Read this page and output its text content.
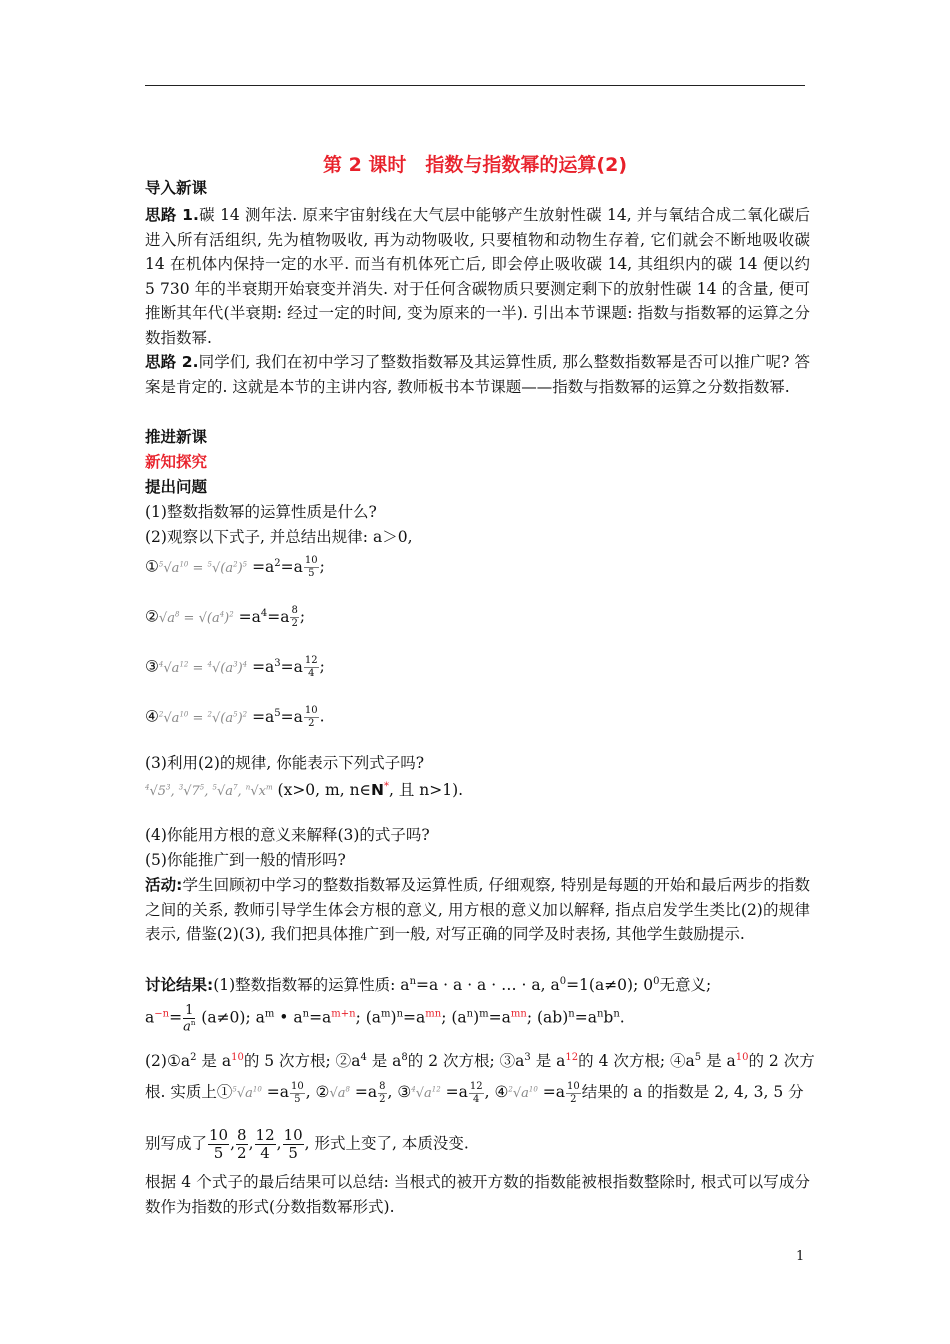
第 2 课时　指数与指数幂的运算(2)
导入新课
思路 1.碳 14 测年法. 原来宇宙射线在大气层中能够产生放射性碳 14, 并与氧结合成二氧化碳后进入所有活组织, 先为植物吸收, 再为动物吸收, 只要植物和动物生存着, 它们就会不断地吸收碳 14 在机体内保持一定的水平. 而当有机体死亡后, 即会停止吸收碳 14, 其组织内的碳 14 便以约 5 730 年的半衰期开始衰变并消失. 对于任何含碳物质只要测定剩下的放射性碳 14 的含量, 便可推断其年代(半衰期: 经过一定的时间, 变为原来的一半). 引出本节课题: 指数与指数幂的运算之分数指数幂.
思路 2.同学们, 我们在初中学习了整数指数幂及其运算性质, 那么整数指数幂是否可以推广呢? 答案是肯定的. 这就是本节的主讲内容, 教师板书本节课题——指数与指数幂的运算之分数指数幂.
推进新课
新知探究
提出问题
(1)整数指数幂的运算性质是什么?
(2)观察以下式子, 并总结出规律: a＞0,
$①^5√a^{10} = ^5√(a^2)^5 =a^2=a \frac{10}{5}$ ;
$②√a^8 = √(a^4)^2 =a^4=a \frac{8}{2}$ ;
$③^4√a^{12} = ^4√(a^3)^4 =a^3=a \frac{12}{4}$ ;
$④^2√a^{10} = ^2√(a^5)^2 =a^5=a \frac{10}{2}$ .
(3)利用(2)的规律, 你能表示下列式子吗?
$^4√5^3$, $^3√7^5$, $^5√a^7$, $^n√x^m$ (x>0, m, n∈N*, 且 n>1).
(4)你能用方根的意义来解释(3)的式子吗?
(5)你能推广到一般的情形吗?
活动:学生回顾初中学习的整数指数幂及运算性质, 仔细观察, 特别是每题的开始和最后两步的指数之间的关系, 教师引导学生体会方根的意义, 用方根的意义加以解释, 指点启发学生类比(2)的规律表示, 借鉴(2)(3), 我们把具体推广到一般, 对写正确的同学及时表扬, 其他学生鼓励提示.
讨论结果:(1)整数指数幂的运算性质: $a^n=a \cdot a \cdot a$ · … · a, $a^0=1(a\ne 0)$; $0^0$无意义;
$a^{-n}= \frac{1}{a^n} (a\ne 0)$; $a^m$ • $a^n=a^{m+n}$; $(a^m)^n=a^{mn}$; $(a^n)^m=a^{mn}$; $(ab)^n=a^nb^n$.
$(2)①a^2$ 是 $a^{10}$的 5 次方根; $②a^4$ 是 $a^8$的 2 次方根; $③a^3$ 是 $a^{12}$的 4 次方根; $④a^5$ 是 $a^{10}$的 2 次方
根. 实质上$①^5√a^{10} =a \frac{10}{5}$ , $②√a^8 =a \frac{8}{2}$ , $③^4√a^{12} =a \frac{12}{4}$ , $④^2√a^{10} =a \frac{10}{2}$ 结果的 a 的指数是 2, 4, 3, 5 分
别写成了 $\frac{10}{5}$ , $\frac{8}{2}$ , $\frac{12}{4}$ , $\frac{10}{5}$ , 形式上变了, 本质没变.
根据 4 个式子的最后结果可以总结: 当根式的被开方数的指数能被根指数整除时, 根式可以写成分数作为指数的形式(分数指数幂形式).
1
